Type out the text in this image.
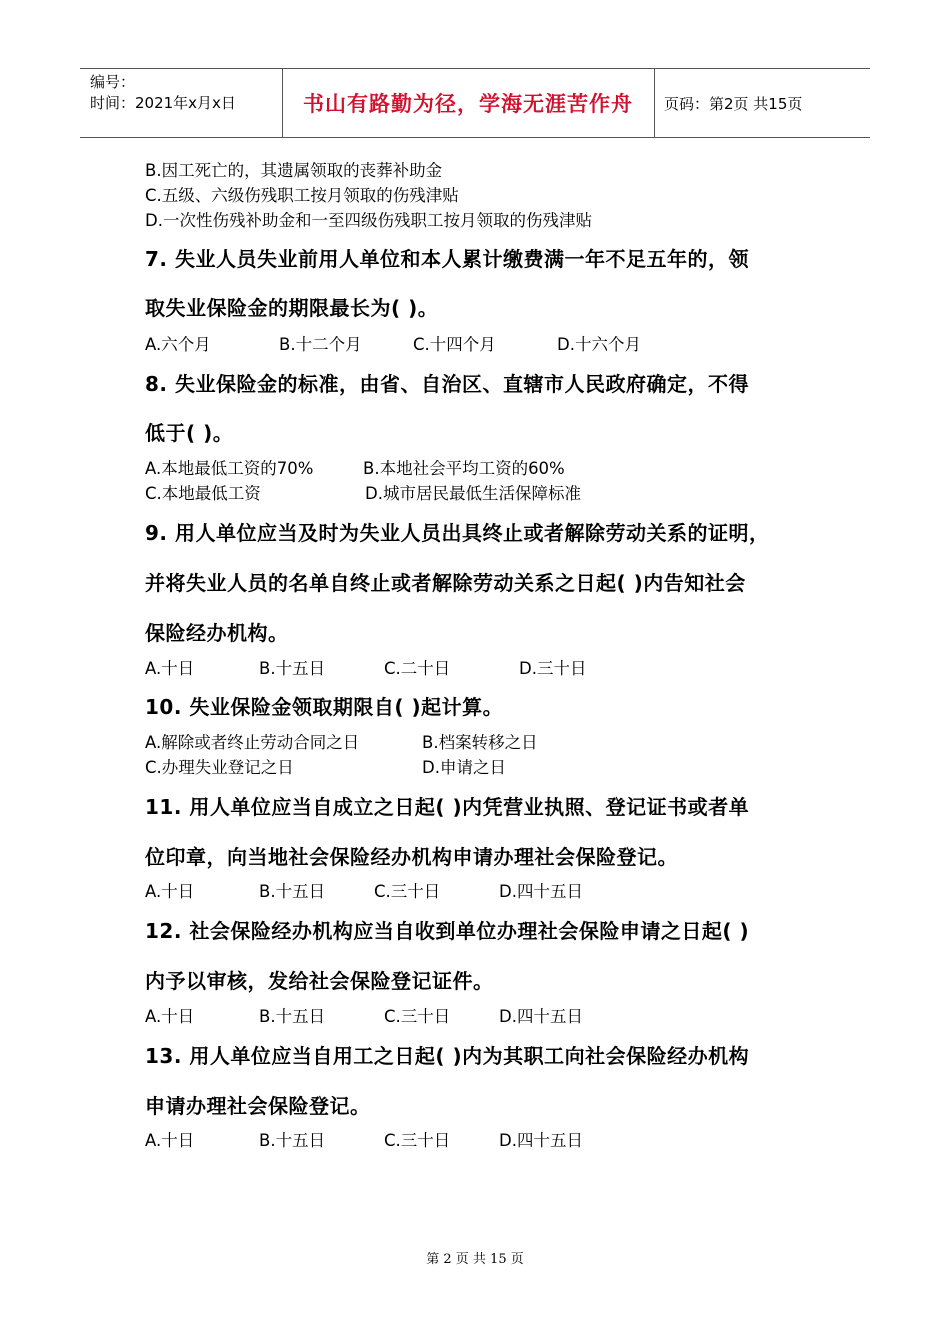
编号：
时间：2021年x月x日	书山有路勤为径，学海无涯苦作舟	页码：第2页 共15页
B.因工死亡的，其遗属领取的丧葬补助金
C.五级、六级伤残职工按月领取的伤残津贴
D.一次性伤残补助金和一至四级伤残职工按月领取的伤残津贴
7. 失业人员失业前用人单位和本人累计缴费满一年不足五年的，领
取失业保险金的期限最长为( )。
A.六个月	B.十二个月	C.十四个月	D.十六个月
8. 失业保险金的标准，由省、自治区、直辖市人民政府确定，不得
低于( )。
A.本地最低工资的70%	B.本地社会平均工资的60%
C.本地最低工资	D.城市居民最低生活保障标准
9. 用人单位应当及时为失业人员出具终止或者解除劳动关系的证明，
并将失业人员的名单自终止或者解除劳动关系之日起( )内告知社会
保险经办机构。
A.十日	B.十五日	C.二十日	D.三十日
10. 失业保险金领取期限自( )起计算。
A.解除或者终止劳动合同之日	B.档案转移之日
C.办理失业登记之日	D.申请之日
11. 用人单位应当自成立之日起( )内凭营业执照、登记证书或者单
位印章，向当地社会保险经办机构申请办理社会保险登记。
A.十日	B.十五日	C.三十日	D.四十五日
12. 社会保险经办机构应当自收到单位办理社会保险申请之日起( )
内予以审核，发给社会保险登记证件。
A.十日	B.十五日	C.三十日	D.四十五日
13. 用人单位应当自用工之日起( )内为其职工向社会保险经办机构
申请办理社会保险登记。
A.十日	B.十五日	C.三十日	D.四十五日
第 2 页 共 15 页
